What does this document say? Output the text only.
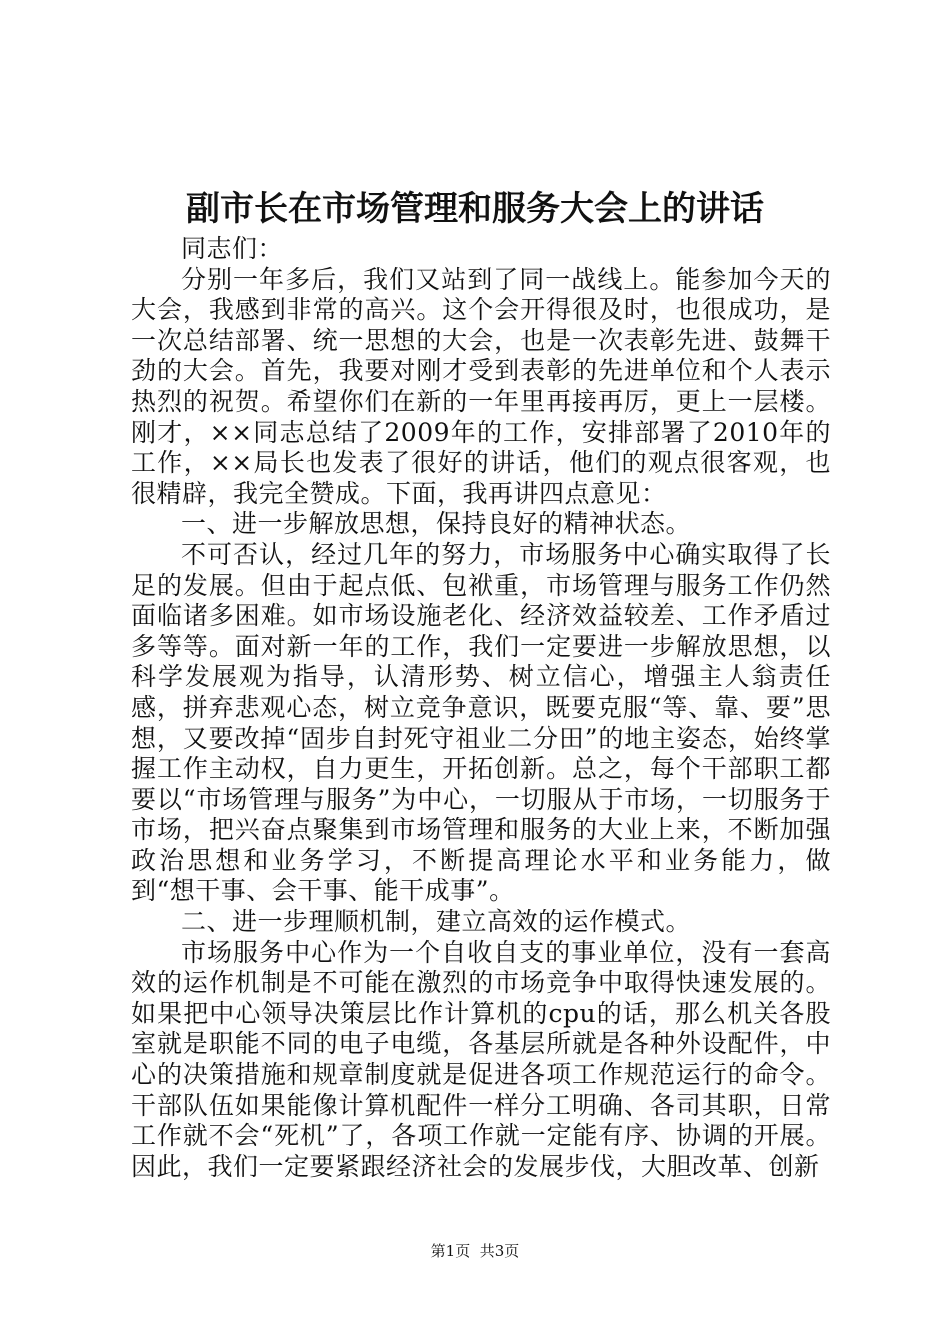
副市长在市场管理和服务大会上的讲话

同志们：

分别一年多后，我们又站到了同一战线上。能参加今天的大会，我感到非常的高兴。这个会开得很及时，也很成功，是一次总结部署、统一思想的大会，也是一次表彰先进、鼓舞干劲的大会。首先，我要对刚才受到表彰的先进单位和个人表示热烈的祝贺。希望你们在新的一年里再接再厉，更上一层楼。刚才，××同志总结了2009年的工作，安排部署了2010年的工作，××局长也发表了很好的讲话，他们的观点很客观，也很精辟，我完全赞成。下面，我再讲四点意见：

一、进一步解放思想，保持良好的精神状态。

不可否认，经过几年的努力，市场服务中心确实取得了长足的发展。但由于起点低、包袱重，市场管理与服务工作仍然面临诸多困难。如市场设施老化、经济效益较差、工作矛盾过多等等。面对新一年的工作，我们一定要进一步解放思想，以科学发展观为指导，认清形势、树立信心，增强主人翁责任感，拼弃悲观心态，树立竞争意识，既要克服“等、靠、要”思想，又要改掉“固步自封死守祖业二分田”的地主姿态，始终掌握工作主动权，自力更生，开拓创新。总之，每个干部职工都要以“市场管理与服务”为中心，一切服从于市场，一切服务于市场，把兴奋点聚集到市场管理和服务的大业上来，不断加强政治思想和业务学习，不断提高理论水平和业务能力，做到“想干事、会干事、能干成事”。

二、进一步理顺机制，建立高效的运作模式。

市场服务中心作为一个自收自支的事业单位，没有一套高效的运作机制是不可能在激烈的市场竞争中取得快速发展的。如果把中心领导决策层比作计算机的cpu的话，那么机关各股室就是职能不同的电子电缆，各基层所就是各种外设配件，中心的决策措施和规章制度就是促进各项工作规范运行的命令。干部队伍如果能像计算机配件一样分工明确、各司其职，日常工作就不会“死机”了，各项工作就一定能有序、协调的开展。因此，我们一定要紧跟经济社会的发展步伐，大胆改革、创新

第1页 共3页
